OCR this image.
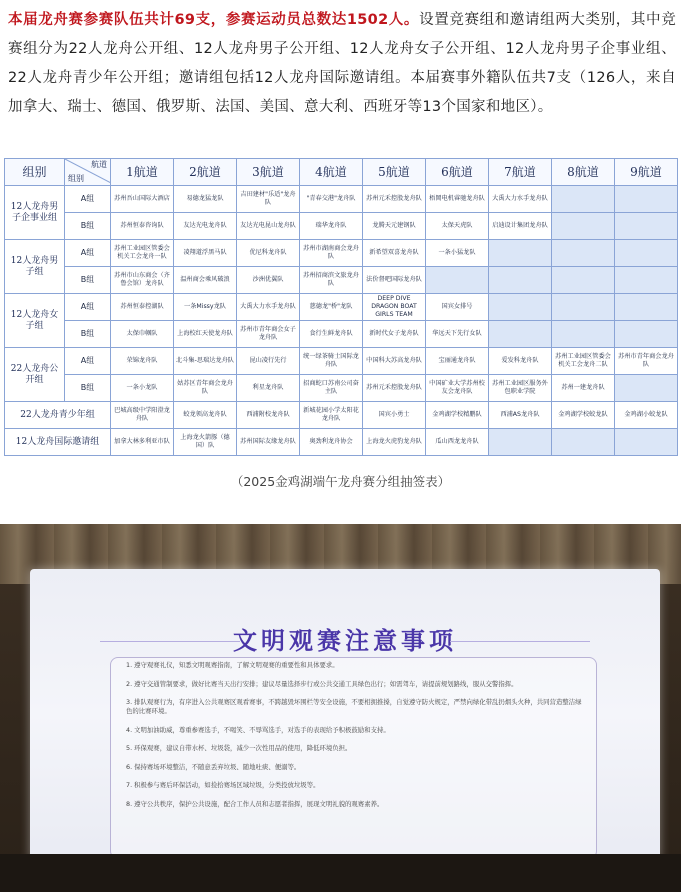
本届龙舟赛参赛队伍共计69支，参赛运动员总数达1502人。设置竞赛组和邀请组两大类别，其中竞赛组分为22人龙舟公开组、12人龙舟男子公开组、12人龙舟女子公开组、12人龙舟男子企事业组、22人龙舟青少年公开组；邀请组包括12人龙舟国际邀请组。本届赛事外籍队伍共7支（126人，来自加拿大、瑞士、德国、俄罗斯、法国、美国、意大利、西班牙等13个国家和地区）。
组别	航道
组别	1航道	2航道	3航道	4航道	5航道	6航道	7航道	8航道	9航道
12人龙舟男子企事业组	A组	苏州吾山国际大酒店	易德龙猛龙队	吉田建材"乐适"龙舟队	"青春交港"龙舟队	苏州元禾控股龙舟队	梧岡电机睿驰龙舟队	大禹大力水手龙舟队		
	B组	苏州恒泰咨询队	友达光电龙舟队	友达光电昆山龙舟队	瑞华龙舟队	龙腾天元建钢队	太保天虎队	启迪设计集团龙舟队		
12人龙舟男子组	A组	苏州工业园区管委会机关工会龙舟一队	凌翔道浮黑马队	优尼科龙舟队	苏州市湖南商会龙舟队	新希望双喜龙舟队	一条小猛龙队			
	B组	苏州市山东商会（齐鲁会馆）龙舟队	温州商会乘风破浪	沙洲优翼队	苏州招商滨文旅龙舟队	法价督吧国际龙舟队				
12人龙舟女子组	A组	苏州恒泰控湖队	一条Missy龙队	大禹大力水手龙舟队	慈德龙"桥"龙队	DEEP DIVE DRAGON BOAT GIRLS TEAM	国宾女排号			
	B组	太保巾帼队	上海校红天使龙舟队	苏州市青年商会女子龙舟队	食行生鲜龙舟队	新时代女子龙舟队	华远天下先行女队			
22人龙舟公开组	A组	荣锦龙舟队	北斗集-思瑞达龙舟队	昆山凌行先行	统一绿茶骑士国际龙舟队	中国科大苏高龙舟队	宝丽通龙舟队	爱发科龙舟队	苏州工业园区管委会机关工会龙舟二队	苏州市青年商会龙舟队
	B组	一条小龙队	姑苏区青年商会龙舟队	利星龙舟队	招商蛇口苏南公司奋主队	苏州元禾控股龙舟队	中国矿业大学苏州校友会龙舟队	苏州工业园区服务外包职业学院	苏州一建龙舟队	
22人龙舟青少年组		巴城高级中学阳澄龙舟队	蛟龙领高龙舟队	西浦附校龙舟队	新城花园小学太阳花龙舟队	国宾小勇士	金鸡湖学校精鹏队	西浦AS龙舟队	金鸡湖学校蛟龙队	金鸡湖小蛟龙队
12人龙舟国际邀请组		加拿大林多利亚市队	上海龙火箭豚（德国）队	苏州国际友缘龙舟队	奥劲利龙舟协会	上海龙火虎豹龙舟队	瓜山西龙龙舟队			
（2025金鸡湖端午龙舟赛分组抽签表）
文明观赛注意事项
1. 遵守观赛礼仪，知悉文明观赛指南，了解文明观赛的重要性和具体要求。
2. 遵守交通管制要求，做好比赛当天出行安排；建议尽量选择步行或公共交通工具绿色出行；如需驾车，请提前规划路线，服从交警指挥。
3. 排队观赛行为，有序进入公共观赛区观看赛事，不跨越毁坏围栏等安全设施，不要相拥推搡，自觉遵守防火规定，严禁向绿化带乱扔烟头火种，共同营造整洁绿色的比赛环境。
4. 文明加油助威，尊重参赛选手，不喝笑、不辱骂选手，对选手的表现给予积极鼓励和支持。
5. 环保观赛，建议自带水杯、垃圾袋，减少一次性用品的使用，降低环境负担。
6. 保持赛场环境整洁，不随意丢弃垃圾、随地吐痰、便溺等。
7. 积极参与赛后环保活动，如捡拾赛场区域垃圾，分类投放垃圾等。
8. 遵守公共秩序，保护公共设施，配合工作人员和志愿者指挥，展现文明礼貌的观赛素养。
